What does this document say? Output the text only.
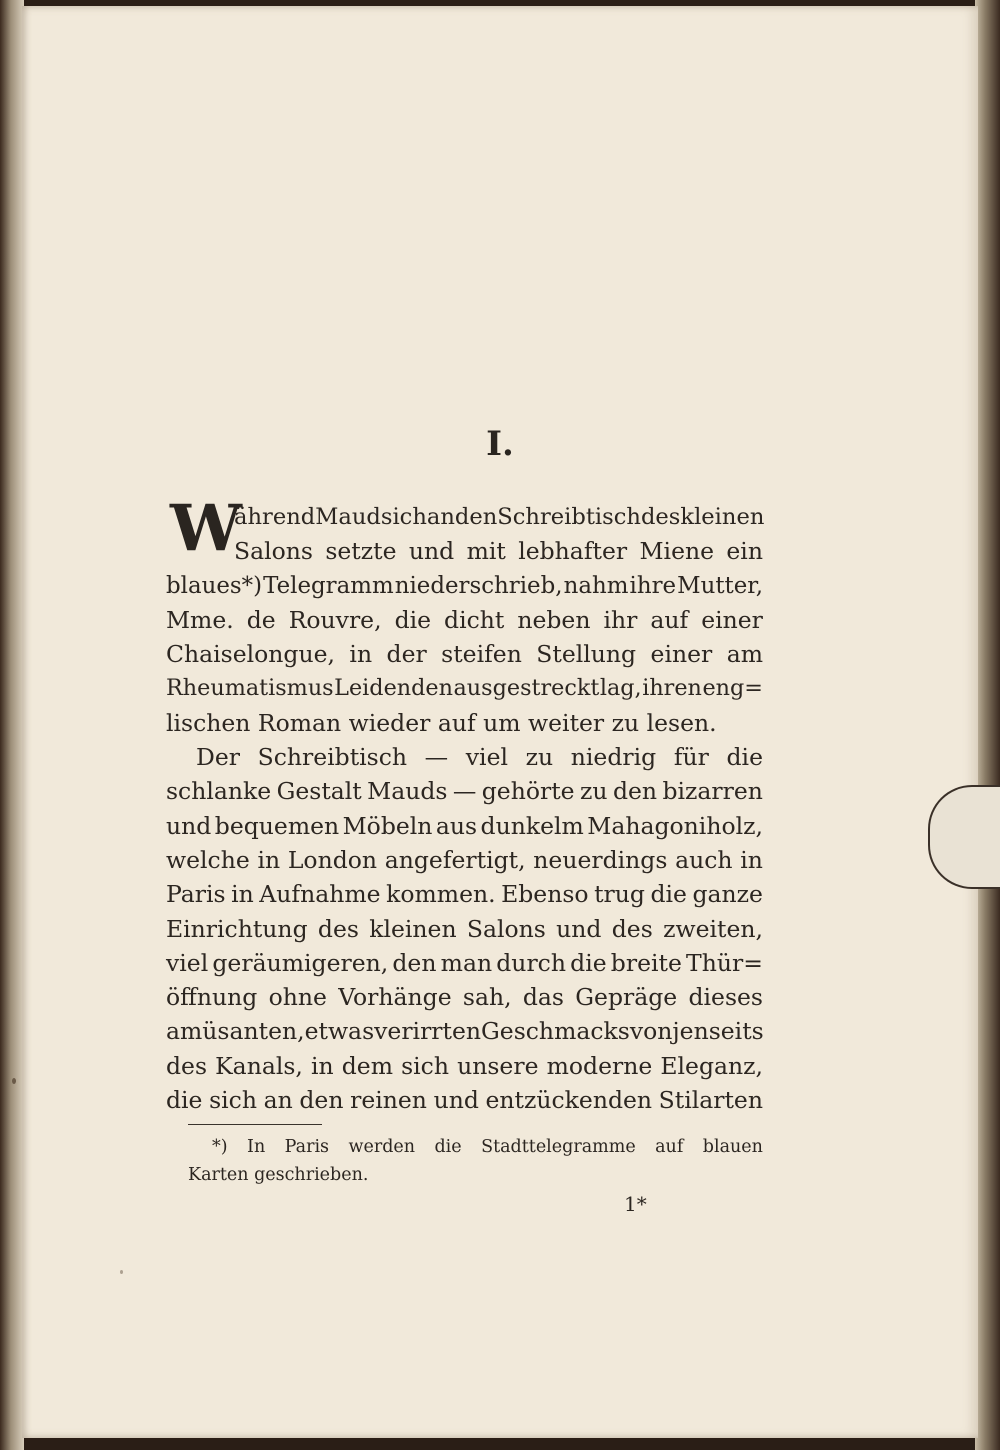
I.
W
ährend Maud sich an den Schreibtisch des kleinen
Salons setzte und mit lebhafter Miene ein
blaues*) Telegramm niederschrieb, nahm ihre Mutter,
Mme. de Rouvre, die dicht neben ihr auf einer
Chaiselongue, in der steifen Stellung einer am
Rheumatismus Leidenden ausgestreckt lag, ihren eng=
lischen Roman wieder auf um weiter zu lesen.
Der Schreibtisch — viel zu niedrig für die
schlanke Gestalt Mauds — gehörte zu den bizarren
und bequemen Möbeln aus dunkelm Mahagoniholz,
welche in London angefertigt, neuerdings auch in
Paris in Aufnahme kommen. Ebenso trug die ganze
Einrichtung des kleinen Salons und des zweiten,
viel geräumigeren, den man durch die breite Thür=
öffnung ohne Vorhänge sah, das Gepräge dieses
amüsanten, etwas verirrten Geschmacks von jenseits
des Kanals, in dem sich unsere moderne Eleganz,
die sich an den reinen und entzückenden Stilarten
*) In Paris werden die Stadttelegramme auf blauen
Karten geschrieben.
1*
